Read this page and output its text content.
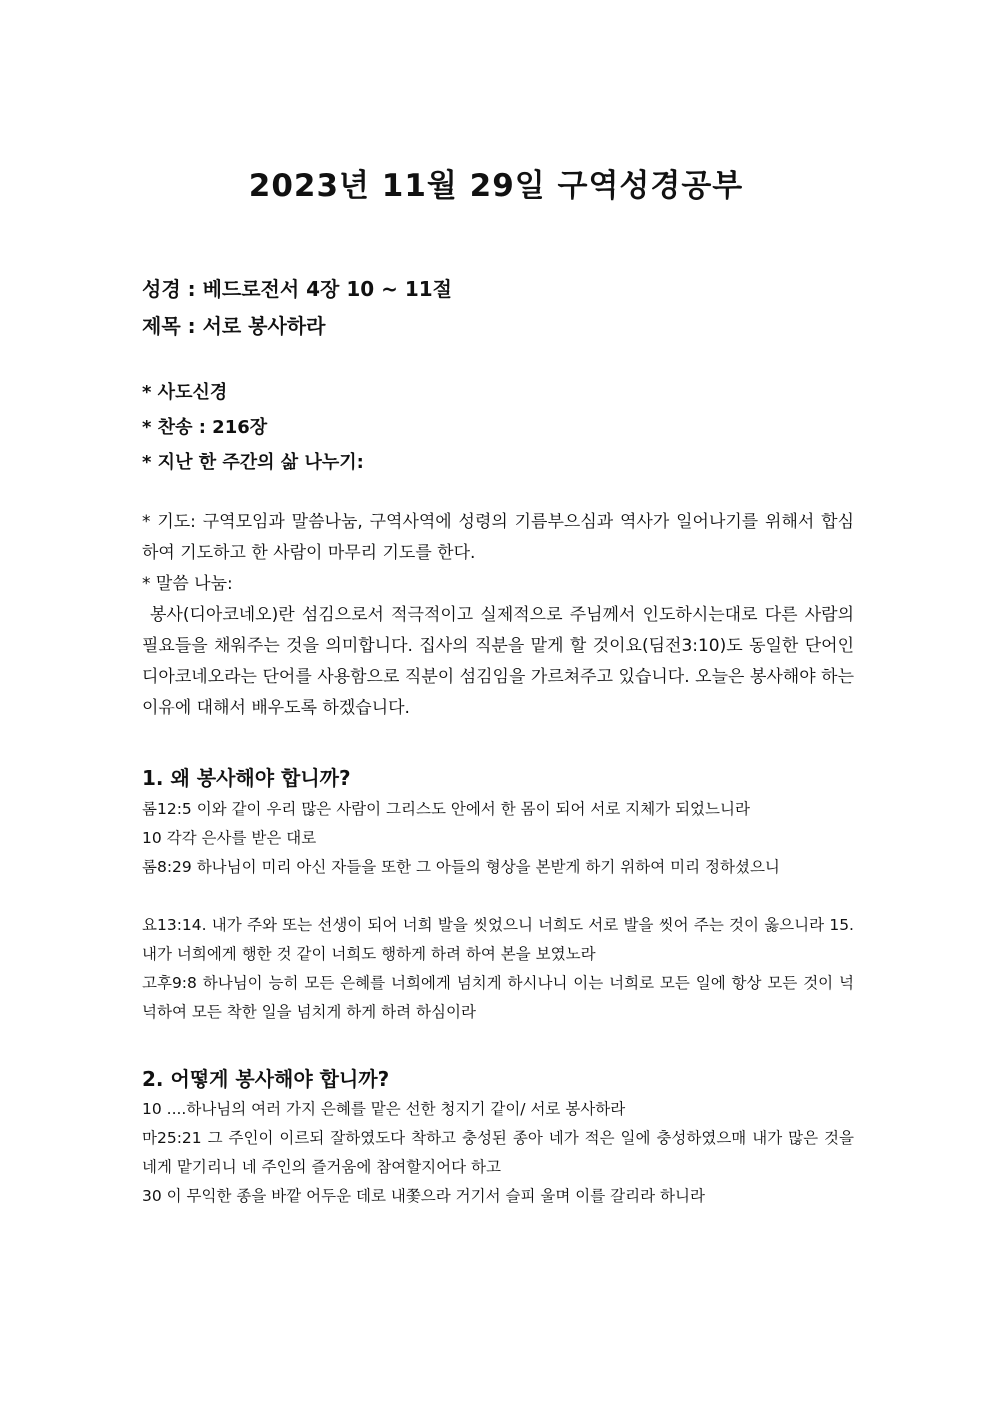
2023년 11월 29일 구역성경공부
성경 : 베드로전서 4장 10 ~ 11절
제목 : 서로 봉사하라
* 사도신경
* 찬송 : 216장
* 지난 한 주간의 삶 나누기:
* 기도: 구역모임과 말씀나눔, 구역사역에 성령의 기름부으심과 역사가 일어나기를 위해서 합심하여 기도하고 한 사람이 마무리 기도를 한다.
* 말씀 나눔:
봉사(디아코네오)란 섬김으로서 적극적이고 실제적으로 주님께서 인도하시는대로 다른 사람의 필요들을 채워주는 것을 의미합니다. 집사의 직분을 맡게 할 것이요(딤전3:10)도 동일한 단어인 디아코네오라는 단어를 사용함으로 직분이 섬김임을 가르쳐주고 있습니다. 오늘은 봉사해야 하는 이유에 대해서 배우도록 하겠습니다.
1. 왜 봉사해야 합니까?
롬12:5 이와 같이 우리 많은 사람이 그리스도 안에서 한 몸이 되어 서로 지체가 되었느니라
10 각각 은사를 받은 대로
롬8:29 하나님이 미리 아신 자들을 또한 그 아들의 형상을 본받게 하기 위하여 미리 정하셨으니
요13:14. 내가 주와 또는 선생이 되어 너희 발을 씻었으니 너희도 서로 발을 씻어 주는 것이 옳으니라 15. 내가 너희에게 행한 것 같이 너희도 행하게 하려 하여 본을 보였노라
고후9:8 하나님이 능히 모든 은혜를 너희에게 넘치게 하시나니 이는 너희로 모든 일에 항상 모든 것이 넉넉하여 모든 착한 일을 넘치게 하게 하려 하심이라
2. 어떻게 봉사해야 합니까?
10 ....하나님의 여러 가지 은혜를 맡은 선한 청지기 같이/ 서로 봉사하라
마25:21 그 주인이 이르되 잘하였도다 착하고 충성된 종아 네가 적은 일에 충성하였으매 내가 많은 것을 네게 맡기리니 네 주인의 즐거움에 참여할지어다 하고
30 이 무익한 종을 바깥 어두운 데로 내쫓으라 거기서 슬피 울며 이를 갈리라 하니라
